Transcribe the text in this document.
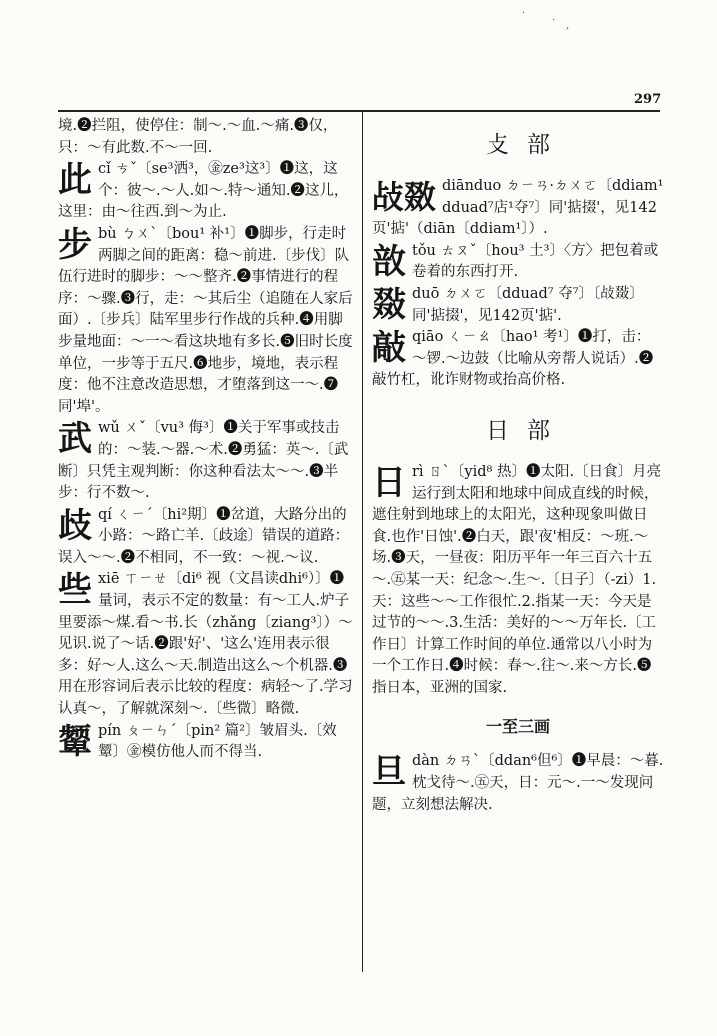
·
· ‚
297

境.❷拦阻，使停住：制～.～血.～痛.❸仅，只：～有此数.不～一回.

此 cǐ ㄘˇ〔se³洒³，㊎ze³这³〕❶这，这个：彼～.～人.如～.特～通知.❷这儿，这里：由～往西.到～为止.
步 bù ㄅㄨˋ〔bou¹ 补¹〕❶脚步，行走时两脚之间的距离：稳～前进.〔步伐〕队伍行进时的脚步：～～整齐.❷事情进行的程序：～骤.❸行，走：～其后尘（追随在人家后面）.〔步兵〕陆军里步行作战的兵种.❹用脚步量地面：～一～看这块地有多长.❺旧时长度单位，一步等于五尺.❻地步，境地，表示程度：他不注意改造思想，才堕落到这一～.❼同'埠'。
武 wǔ ㄨˇ〔vu³ 侮³〕❶关于军事或技击的：～装.～器.～术.❷勇猛：英～.〔武断〕只凭主观判断：你这种看法太～～.❸半步：行不数～.
歧 qí ㄑㄧˊ〔hi²期〕❶岔道，大路分出的小路：～路亡羊.〔歧途〕错误的道路：误入～～.❷不相同，不一致：～视.～议.
些 xiē ㄒㄧㄝ〔di⁶ 视（文昌读dhi⁶）〕❶量词，表示不定的数量：有～工人.炉子里要添～煤.看～书.长（zhǎng〔ziang³〕）～见识.说了～话.❷跟'好'、'这么'连用表示很多：好～人.这么～天.制造出这么～个机器.❸用在形容词后表示比较的程度：病轻～了.学习认真～，了解就深刻～.〔些微〕略微.
颦 pín ㄆㄧㄣˊ〔pin² 篇²〕皱眉头.〔效颦〕㊎模仿他人而不得当.
攴部
敁敪 diānduo ㄉㄧㄢ·ㄉㄨㄛ〔ddiam¹ dduad⁷店¹夺⁷〕同'掂掇'，见142页'掂'（diān〔ddiam¹〕）.
敨 tǒu ㄊㄡˇ〔hou³ 土³〕〈方〉把包着或卷着的东西打开.
敠 duō ㄉㄨㄛ〔dduad⁷ 夺⁷〕〔敁敠〕同'掂掇'，见142页'掂'.
敲 qiāo ㄑㄧㄠ〔hao¹ 考¹〕❶打，击：～锣.～边鼓（比喻从旁帮人说话）.❷敲竹杠，讹诈财物或抬高价格.
日部
日 rì ㄖˋ〔yid⁸ 热〕❶太阳.〔日食〕月亮运行到太阳和地球中间成直线的时候，遮住射到地球上的太阳光，这种现象叫做日食.也作'日蚀'.❷白天，跟'夜'相反：～班.～场.❸天，一昼夜：阳历平年一年三百六十五～.㊄某一天：纪念～.生～.〔日子〕（-zi）1.天：这些～～工作很忙.2.指某一天：今天是过节的～～.3.生活：美好的～～万年长.〔工作日〕计算工作时间的单位.通常以八小时为一个工作日.❹时候：春～.往～.来～方长.❺指日本，亚洲的国家.
一至三画
旦 dàn ㄉㄢˋ〔ddan⁶但⁶〕❶早晨：～暮.枕戈待～.㊄天，日：元～.一～发现问题，立刻想法解决.
